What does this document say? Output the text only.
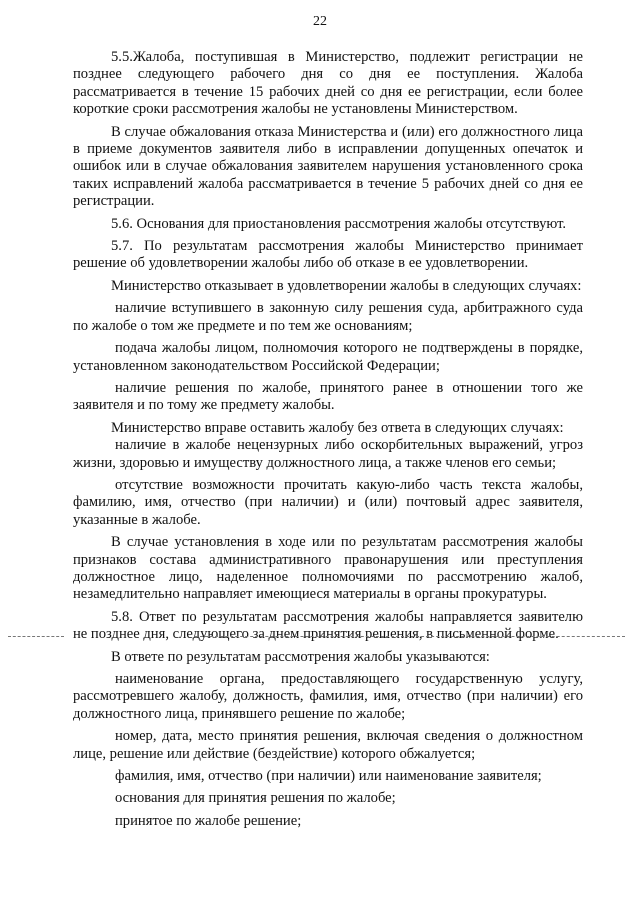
22

5.5.Жалоба, поступившая в Министерство, подлежит регистрации не позднее следующего рабочего дня со дня ее поступления. Жалоба рассматривается в течение 15 рабочих дней со дня ее регистрации, если более короткие сроки рассмотрения жалобы не установлены Министерством.

В случае обжалования отказа Министерства и (или) его должностного лица в приеме документов заявителя либо в исправлении допущенных опечаток и ошибок или в случае обжалования заявителем нарушения установленного срока таких исправлений жалоба рассматривается в течение 5 рабочих дней со дня ее регистрации.

5.6. Основания для приостановления рассмотрения жалобы отсутствуют.

5.7. По результатам рассмотрения жалобы Министерство принимает решение об удовлетворении жалобы либо об отказе в ее удовлетворении.

Министерство отказывает в удовлетворении жалобы в следующих случаях:

наличие вступившего в законную силу решения суда, арбитражного суда по жалобе о том же предмете и по тем же основаниям;

подача жалобы лицом, полномочия которого не подтверждены в порядке, установленном законодательством Российской Федерации;

наличие решения по жалобе, принятого ранее в отношении того же заявителя и по тому же предмету жалобы.

Министерство вправе оставить жалобу без ответа в следующих случаях:

наличие в жалобе нецензурных либо оскорбительных выражений, угроз жизни, здоровью и имуществу должностного лица, а также членов его семьи;

отсутствие возможности прочитать какую-либо часть текста жалобы, фамилию, имя, отчество (при наличии) и (или) почтовый адрес заявителя, указанные в жалобе.

В случае установления в ходе или по результатам рассмотрения жалобы признаков состава административного правонарушения или преступления должностное лицо, наделенное полномочиями по рассмотрению жалоб, незамедлительно направляет имеющиеся материалы в органы прокуратуры.

5.8. Ответ по результатам рассмотрения жалобы направляется заявителю не позднее дня, следующего за днем принятия решения, в письменной форме.

В ответе по результатам рассмотрения жалобы указываются:

наименование органа, предоставляющего государственную услугу, рассмотревшего жалобу, должность, фамилия, имя, отчество (при наличии) его должностного лица, принявшего решение по жалобе;

номер, дата, место принятия решения, включая сведения о должностном лице, решение или действие (бездействие) которого обжалуется;

фамилия, имя, отчество (при наличии) или наименование заявителя;

основания для принятия решения по жалобе;

принятое по жалобе решение;
